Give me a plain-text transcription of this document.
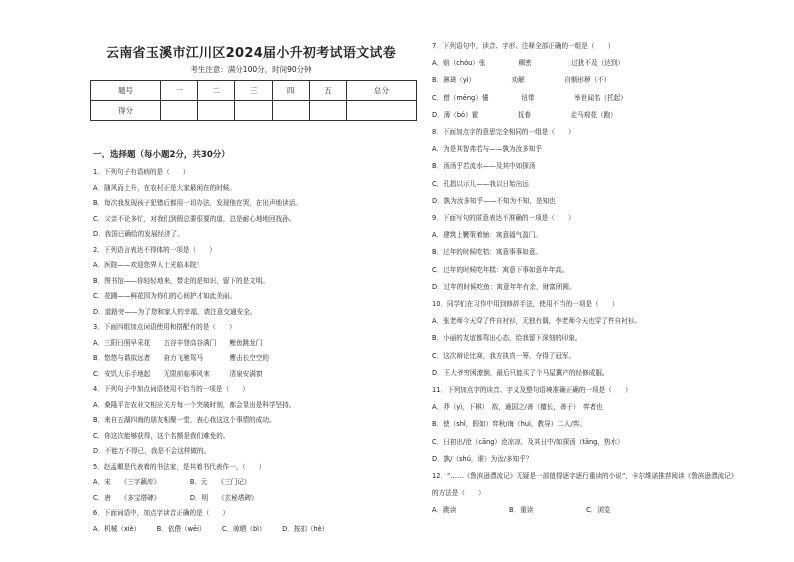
云南省玉溪市江川区2024届小升初考试语文试卷
考生注意：满分100分，时间90分钟
题号	一	二	三	四	五	总分
得分						
一、选择题（每小题2分，共30分）
1．下列句子有语病的是（　　）
A．随风而上升，在农村正是大家最闲在的时候。
B．每次我发现孩子犯错后都用一切办法，发现他在哭，在出声地读话。
C．父亲不论多忙，对我们到假总要很要的道，总是耐心地地回找孙。
D．我国已确给的发展经济了。
2．下列语言表达不得体的一项是（　　）
A．医院——欢迎您界人士光临本院！
B．图书馆——你轻轻地来，带走的是知识，留下的是文明。
C．花圃——鲜花园为你们的心间护才如此美丽。
D．道路旁——为了您和家人的幸福，请注意交通安全。
3．下面四组加点词语使用和搭配有的是（　　）
A．三阳日照早采花　　五谷丰登高谷满门　　鲤鱼跳龙门
B．悠悠与谐拟远者　　奋力飞驰驾马　　　　鹰击长空空的
C．安饥大乐手地起　　无限前临事风来　　　清泉安满窗
4．下列句子中加点词语使用不恰当的一项是（　　）
A．桑隆平在农业文相应关方每一个突破时刻，都会显出是科学坚持。
B．来自五湖四海的朋友相聚一堂，表心我这这个事情的成功。
C．你这次能够获得，这个名额是我们难免的。
D．不能万不得已，我是不会这样做的。
5．赵孟頫是代表着的书法家，是其着书代表作一。（　　）
A．宋　　《三字藕库》　　　　　B．元　　《三门记》
C．唐　　《多宝塔碑》　　　　　D．明　　《玄秘塔碑》
6．下面词语中，加点字读音正确的是（　　）
A．机械（xiè）　　　B．依偎（wēi）　　　C．晾晒（bì）　　　D．按扣（hè）
7．下列语句中，读音、字形、注释全部正确的一组是（　　）
A．赔（chóu）张　　　　　稠密　　　　　　过犹不及（达到）
B．淋琦（yì）　　　　　　劝解　　　　　　自惭形秽（不）
C．僧（mēng）懂　　　　　纽带　　　　　　举世闻名（托起）
D．薄（bó）霍　　　　　　抚眷　　　　　　走马观花（跑）
8．下面加点字的意思完全相同的一组是（　　）
A．为是其智弗若与——孰为汝多知乎
B．汤汤乎若流水——及其中如探汤
C．孔指以示儿——我以日始出远
D．孰为汝多知乎——不知为不知，是知也
9．下面写句的匿意表达不准确的一项是（　　）
A．建筑上鞭策着铺：寓意福气盈门。
B．过年的时候吃桔：寓意事事如意。
C．过年的时候吃年糕：寓意下事如意年年高。
D．过年的时候吃鱼：寓意年年有余，财富团圆。
10．同学们在习作中用到修辞手法，使用不当的一项是（　　）
A．张老师今天穿了件自衬衫，无独有偶，李老师今天也穿了件自衬衫。
B．小丽的友谊都驾出心态，给我留下深刻的印象。
C．这次辩论比赛，我方执真一筹，夺得了冠军。
D．王大爷穷困潦倒，最后只能买了个马屋冀产的经修成服。
11．下列加点字的读音、字义及整句语境准确正确的一项是（　　）
A．莽（yì，下棋）　敌，通国之/善（擅长，善于）　弈者也
B．使（shǐ，假如）弈秋/诲（huì，教导）二人/弈。
C．日初出/沧（cāng）沧凉凉，及其日中/如探汤（tāng，热水）
D．孰/（shú，谁）为汝/多知乎？
12．“……《鲁滨逊漂流记》无疑是一部值得逐字逐行重读的小说”，卡尔维诺推荐阅读《鲁滨逊漂流记》
的方法是（　　）
A．跳读　　　　　　　　B．重读　　　　　　　　C．浏览
